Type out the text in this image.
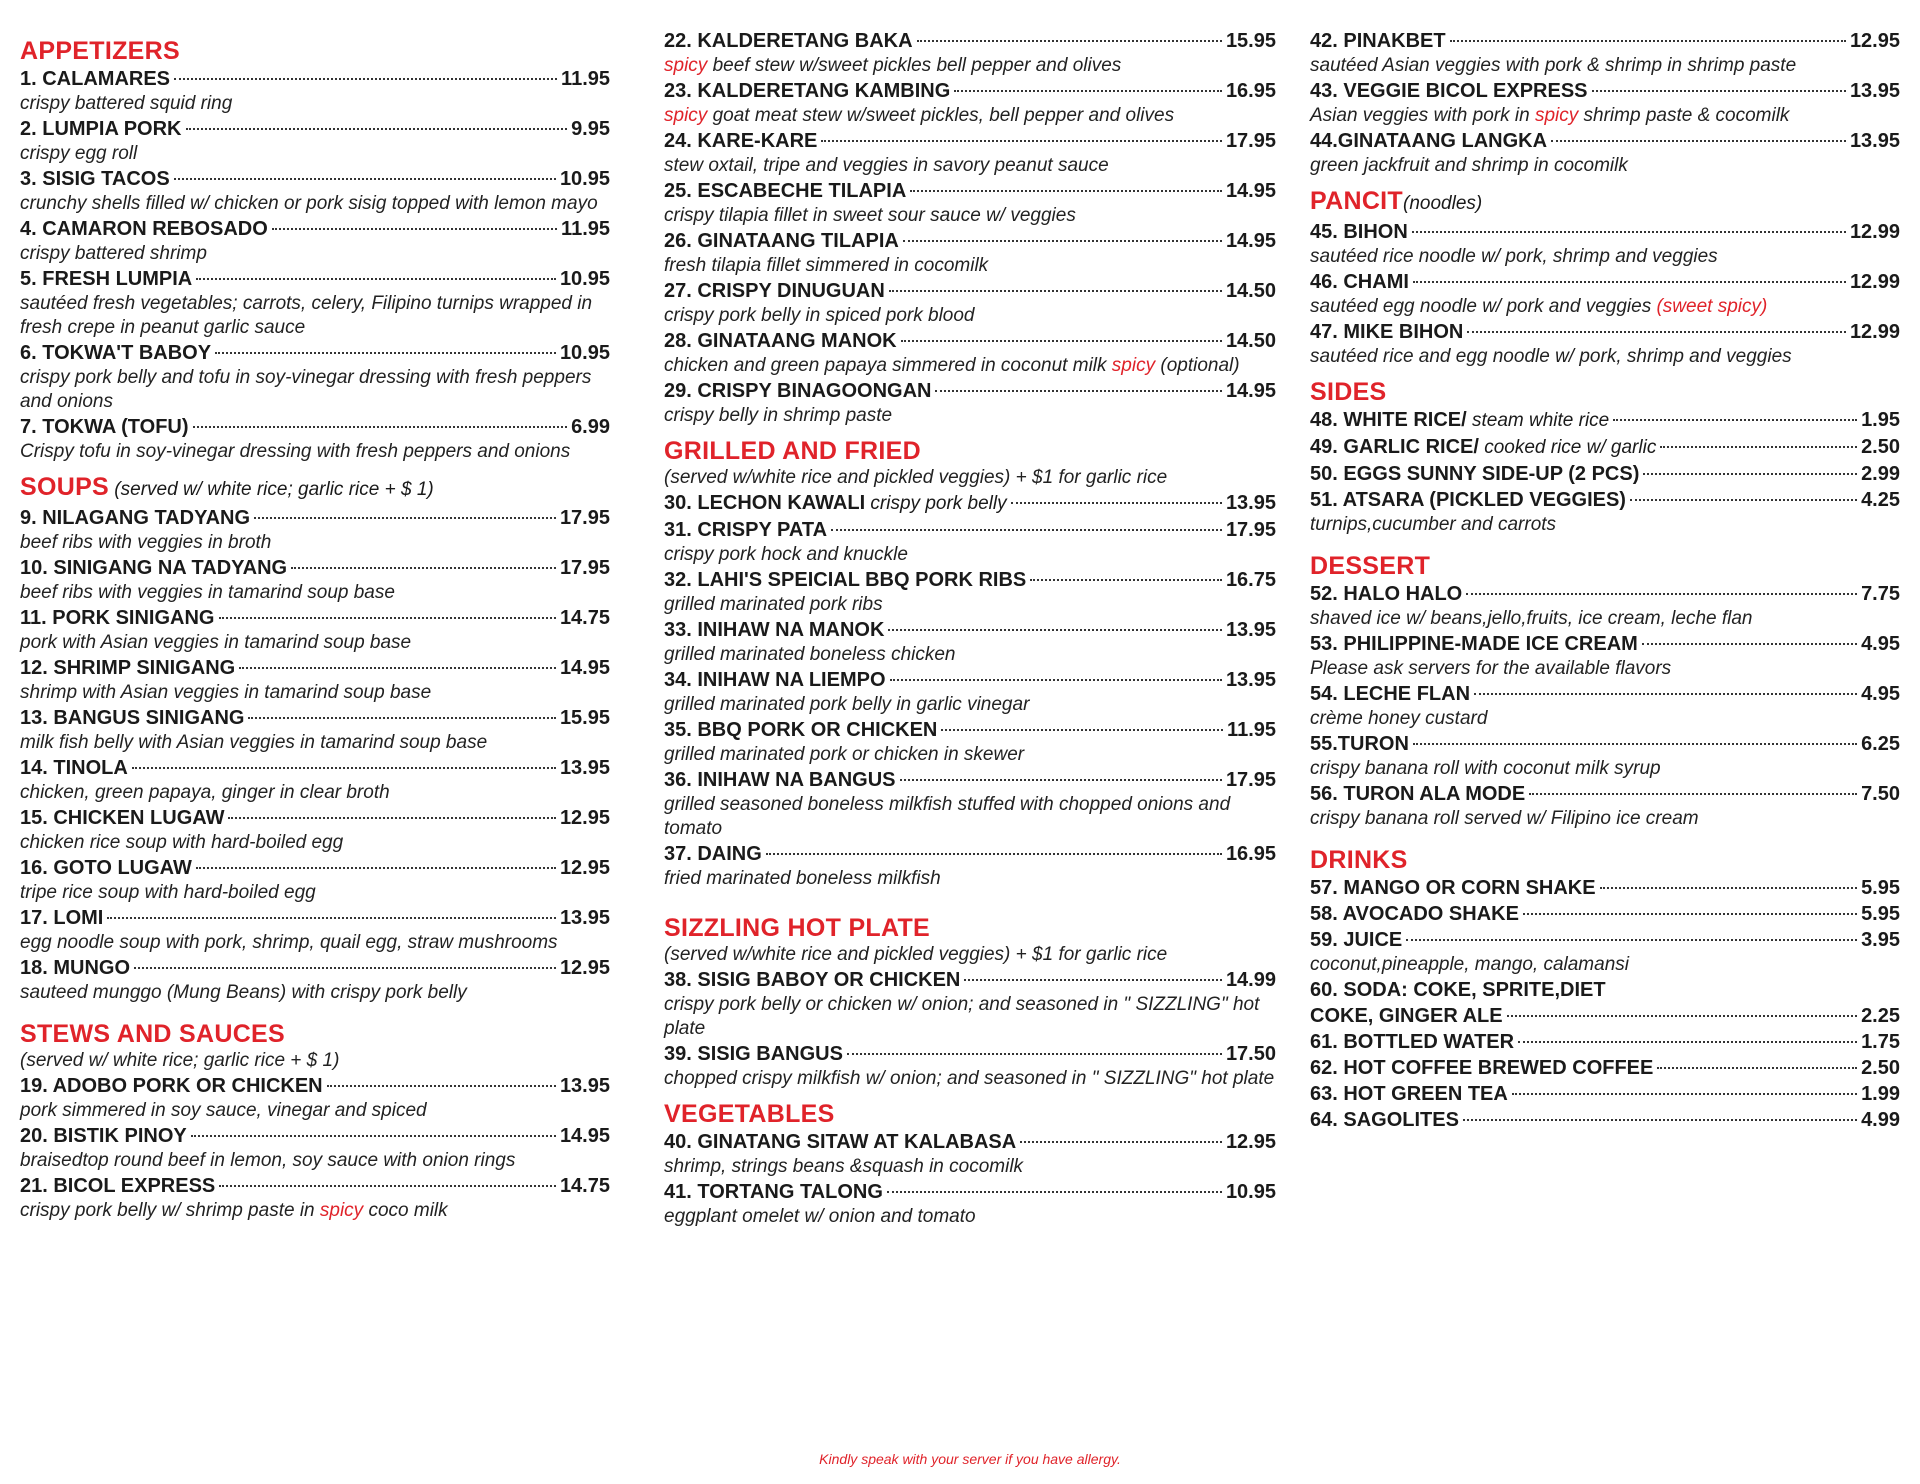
APPETIZERS
1. CALAMARES	11.95
crispy battered squid ring
2. LUMPIA PORK	9.95
crispy egg roll
3. SISIG TACOS	10.95
crunchy shells filled w/ chicken or pork sisig topped with lemon mayo
4. CAMARON REBOSADO	11.95
crispy battered shrimp
5. FRESH LUMPIA	10.95
sautéed fresh vegetables; carrots, celery, Filipino turnips wrapped in fresh crepe in peanut garlic sauce
6. TOKWA'T BABOY	10.95
crispy pork belly and tofu in soy-vinegar dressing with fresh peppers and onions
7. TOKWA (TOFU)	6.99
Crispy tofu in soy-vinegar dressing with fresh peppers and onions
SOUPS (served w/ white rice; garlic rice + $ 1)
9. NILAGANG TADYANG	17.95
beef ribs with veggies in broth
10. SINIGANG NA TADYANG	17.95
beef ribs with veggies in tamarind soup base
11. PORK SINIGANG	14.75
pork with Asian veggies in tamarind soup base
12. SHRIMP SINIGANG	14.95
shrimp with Asian veggies in tamarind soup base
13. BANGUS SINIGANG	15.95
milk fish belly with Asian veggies in tamarind soup base
14. TINOLA	13.95
chicken, green papaya, ginger in clear broth
15. CHICKEN LUGAW	12.95
chicken rice soup with hard-boiled egg
16. GOTO LUGAW	12.95
tripe rice soup with hard-boiled egg
17. LOMI	13.95
egg noodle soup with pork, shrimp, quail egg, straw mushrooms
18. MUNGO	12.95
sauteed munggo (Mung Beans) with crispy pork belly
STEWS AND SAUCES
(served w/ white rice; garlic rice + $ 1)
19. ADOBO PORK OR CHICKEN	13.95
pork simmered in soy sauce, vinegar and spiced
20. BISTIK PINOY	14.95
braisedtop round beef in lemon, soy sauce with onion rings
21. BICOL EXPRESS	14.75
crispy pork belly w/ shrimp paste in spicy coco milk
22. KALDERETANG BAKA	15.95
spicy beef stew w/sweet pickles bell pepper and olives
23. KALDERETANG KAMBING	16.95
spicy goat meat stew w/sweet pickles, bell pepper and olives
24. KARE-KARE	17.95
stew oxtail, tripe and veggies in savory peanut sauce
25. ESCABECHE TILAPIA	14.95
crispy tilapia fillet in sweet sour sauce w/ veggies
26. GINATAANG TILAPIA	14.95
fresh tilapia fillet simmered in cocomilk
27. CRISPY DINUGUAN	14.50
crispy pork belly in spiced pork blood
28. GINATAANG MANOK	14.50
chicken and green papaya simmered in coconut milk spicy (optional)
29. CRISPY BINAGOONGAN	14.95
crispy belly in shrimp paste
GRILLED AND FRIED
(served w/white rice and pickled veggies) + $1 for garlic rice
30. LECHON KAWALI crispy pork belly	13.95
31. CRISPY PATA	17.95
crispy pork hock and knuckle
32. LAHI'S SPEICIAL BBQ PORK RIBS	16.75
grilled marinated pork ribs
33. INIHAW NA MANOK	13.95
grilled marinated boneless chicken
34. INIHAW NA LIEMPO	13.95
grilled marinated pork belly in garlic vinegar
35. BBQ PORK OR CHICKEN	11.95
grilled marinated pork or chicken in skewer
36. INIHAW NA BANGUS	17.95
grilled seasoned boneless milkfish stuffed with chopped onions and tomato
37. DAING	16.95
fried marinated boneless milkfish
SIZZLING HOT PLATE
(served w/white rice and pickled veggies) + $1 for garlic rice
38. SISIG BABOY OR CHICKEN	14.99
crispy pork belly or chicken w/ onion; and seasoned in " SIZZLING" hot plate
39. SISIG BANGUS	17.50
chopped crispy milkfish w/ onion; and seasoned in " SIZZLING" hot plate
VEGETABLES
40. GINATANG SITAW AT KALABASA	12.95
shrimp, strings beans &squash in cocomilk
41. TORTANG TALONG	10.95
eggplant omelet w/ onion and tomato
42. PINAKBET	12.95
sautéed Asian veggies with pork & shrimp in shrimp paste
43. VEGGIE BICOL EXPRESS	13.95
Asian veggies with pork in spicy shrimp paste & cocomilk
44.GINATAANG LANGKA	13.95
green jackfruit and shrimp in cocomilk
PANCIT(noodles)
45. BIHON	12.99
sautéed rice noodle w/ pork, shrimp and veggies
46. CHAMI	12.99
sautéed egg noodle w/ pork and veggies (sweet spicy)
47. MIKE BIHON	12.99
sautéed rice and egg noodle w/ pork, shrimp and veggies
SIDES
48. WHITE RICE/ steam white rice	1.95
49. GARLIC RICE/ cooked rice w/ garlic	2.50
50. EGGS SUNNY SIDE-UP (2 PCS)	2.99
51. ATSARA (PICKLED VEGGIES)	4.25
turnips,cucumber and carrots
DESSERT
52. HALO HALO	7.75
shaved ice w/ beans,jello,fruits, ice cream, leche flan
53. PHILIPPINE-MADE ICE CREAM	4.95
Please ask servers for the available flavors
54. LECHE FLAN	4.95
crème honey custard
55.TURON	6.25
crispy banana roll with coconut milk syrup
56. TURON ALA MODE	7.50
crispy banana roll served w/ Filipino ice cream
DRINKS
57. MANGO OR CORN SHAKE	5.95
58. AVOCADO SHAKE	5.95
59. JUICE	3.95
coconut,pineapple, mango, calamansi
60. SODA: COKE, SPRITE,DIET
COKE, GINGER ALE	2.25
61. BOTTLED WATER	1.75
62. HOT COFFEE BREWED COFFEE	2.50
63. HOT GREEN TEA	1.99
64. SAGOLITES	4.99
Kindly speak with your server if you have allergy.
